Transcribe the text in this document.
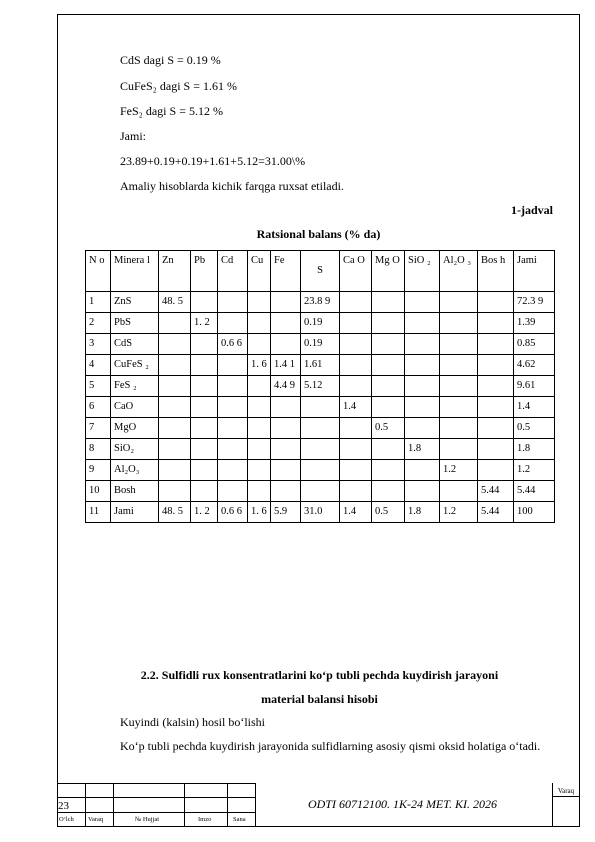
CdS dagi S = 0.19 %
CuFeS₂ dagi S = 1.61 %
FeS₂ dagi S = 5.12 %
Jami:
23.89+0.19+0.19+1.61+5.12=31.00\%
Amaliy hisoblarda kichik farqga ruxsat etiladi.
1-jadval
Ratsional balans (% da)
N o	Minera l	Zn	Pb	Cd	Cu	Fe	S	Ca O	Mg O	SiO ₂	Al₂O ₃	Bos h	Jami
1	ZnS	48. 5					23.8 9						72.3 9
2	PbS		1. 2				0.19						1.39
3	CdS			0.6 6			0.19						0.85
4	CuFeS ₂				1. 6	1.4 1	1.61						4.62
5	FeS ₂					4.4 9	5.12						9.61
6	CaO							1.4					1.4
7	MgO								0.5				0.5
8	SiO₂									1.8			1.8
9	Al₂O₃										1.2		1.2
10	Bosh											5.44	5.44
11	Jami	48. 5	1. 2	0.6 6	1. 6	5.9	31.0	1.4	0.5	1.8	1.2	5.44	100
2.2. Sulfidli rux konsentratlarini ko‘p tubli pechda kuydirish jarayoni
material balansi hisobi
Kuyindi (kalsin) hosil bo‘lishi
Ko‘p tubli pechda kuydirish jarayonida sulfidlarning asosiy qismi oksid holatiga o‘tadi.
23
O‘lch Varaq	№ Hujjat	Imzo	Sana
ODTI 60712100. 1K-24 MET. KI. 2026
Varaq
